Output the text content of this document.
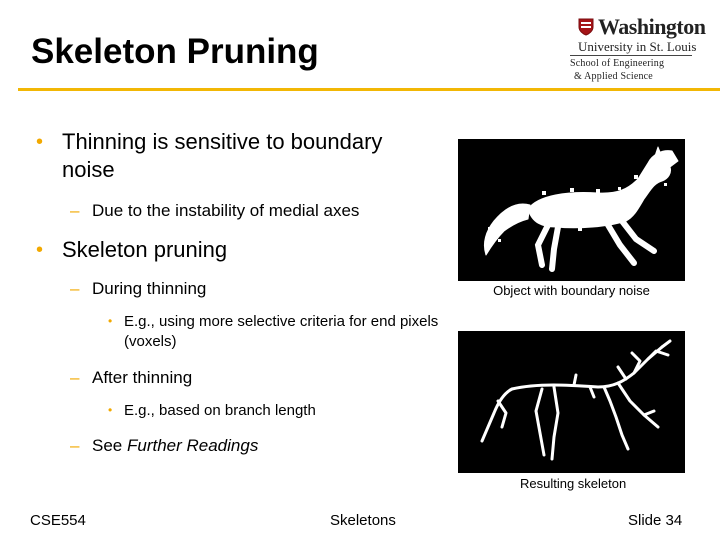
Skeleton Pruning
Washington
University in St. Louis
School of Engineering
& Applied Science
• Thinning is sensitive to boundary noise
– Due to the instability of medial axes
• Skeleton pruning
– During thinning
• E.g., using more selective criteria for end pixels (voxels)
– After thinning
• E.g., based on branch length
– See Further Readings
Object with boundary noise
Resulting skeleton
CSE554	Skeletons	Slide 34
